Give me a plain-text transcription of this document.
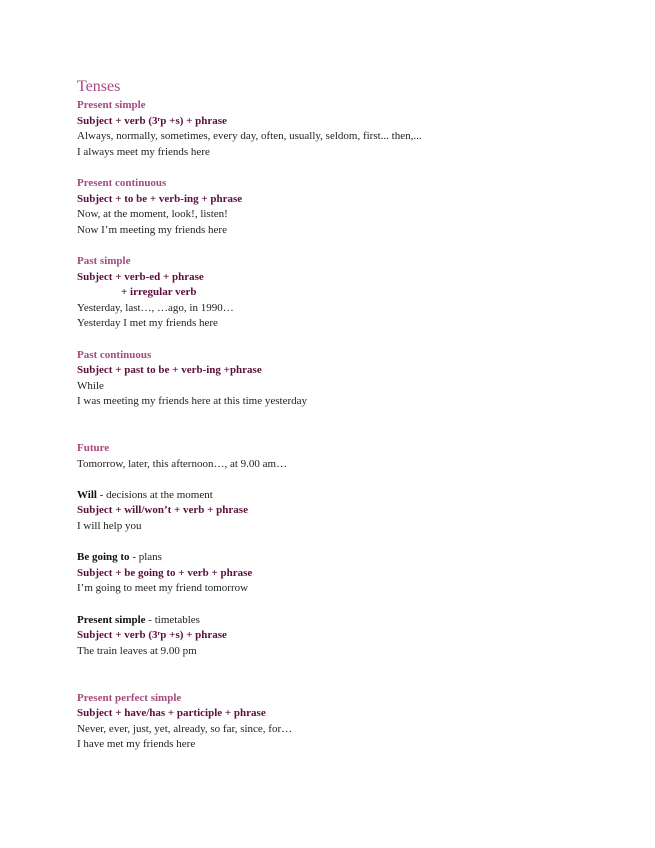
Tenses
Present simple
Subject + verb (3ʳp +s) + phrase
Always, normally, sometimes, every day, often, usually, seldom, first... then,...
I always meet my friends here
Present continuous
Subject + to be + verb-ing + phrase
Now, at the moment, look!, listen!
Now I’m meeting my friends here
Past simple
Subject + verb-ed + phrase
+ irregular verb
Yesterday, last…, …ago, in 1990…
Yesterday I met my friends here
Past continuous
Subject + past to be + verb-ing +phrase
While
I was meeting my friends here at this time yesterday
Future
Tomorrow, later, this afternoon…, at 9.00 am…
Will - decisions at the moment
Subject + will/won’t + verb + phrase
I will help you
Be going to - plans
Subject + be going to + verb + phrase
I’m going to meet my friend tomorrow
Present simple - timetables
Subject + verb (3ʳp +s) + phrase
The train leaves at 9.00 pm
Present perfect simple
Subject + have/has + participle + phrase
Never, ever, just, yet, already, so far, since, for…
I have met my friends here
